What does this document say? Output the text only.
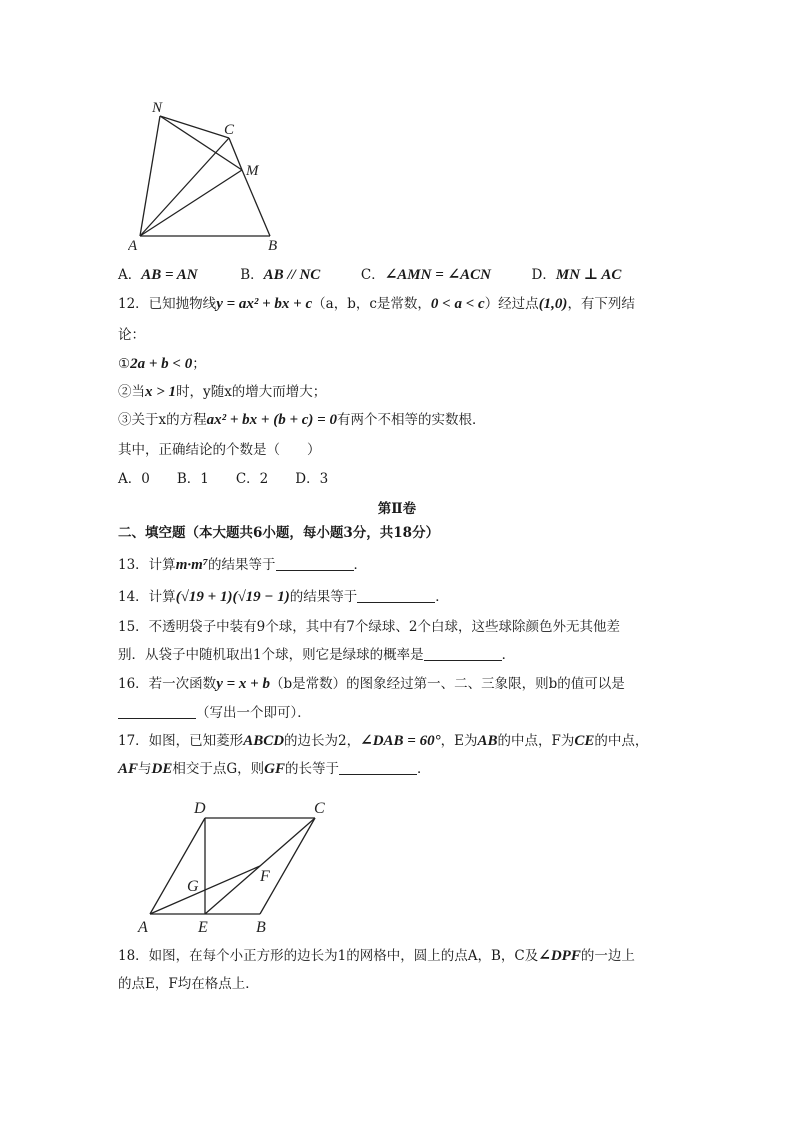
N
C
M
A	B
A．AB = AN	B．AB // NC	C．∠AMN = ∠ACN	D．MN ⊥ AC
12．已知抛物线y = ax² + bx + c（a，b，c是常数，0 < a < c）经过点(1,0)，有下列结
论：
①2a + b < 0；
②当x > 1时，y随x的增大而增大；
③关于x的方程ax² + bx + (b + c) = 0有两个不相等的实数根．
其中，正确结论的个数是（　　）
A．0　　B．1　　C．2　　D．3
第Ⅱ卷
二、填空题（本大题共6小题，每小题3分，共18分）
13．计算m·m⁷的结果等于	．
14．计算(√19 + 1)(√19 − 1)的结果等于	．
15．不透明袋子中装有9个球，其中有7个绿球、2个白球，这些球除颜色外无其他差
别．从袋子中随机取出1个球，则它是绿球的概率是	．
16．若一次函数y = x + b（b是常数）的图象经过第一、二、三象限，则b的值可以是
（写出一个即可）．
17．如图，已知菱形ABCD的边长为2，∠DAB = 60°，E为AB的中点，F为CE的中点，
AF与DE相交于点G，则GF的长等于	．
D	C
G
F
A	E	B
18．如图，在每个小正方形的边长为1的网格中，圆上的点A，B，C及∠DPF的一边上
的点E，F均在格点上．
